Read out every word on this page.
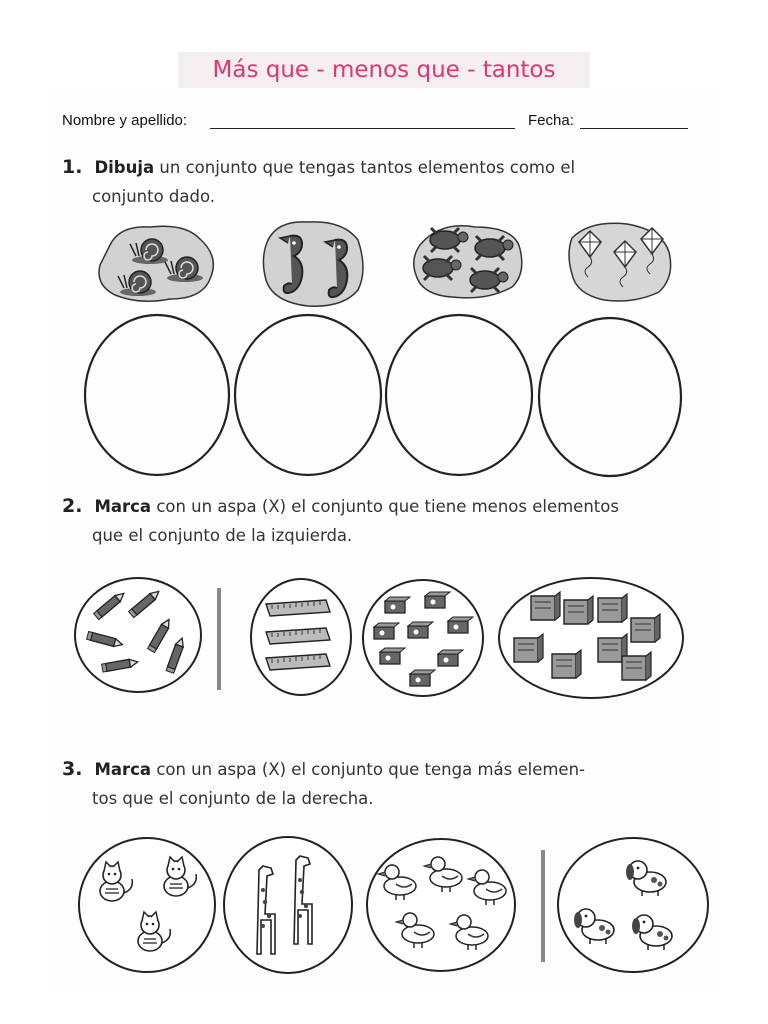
Más que - menos que - tantos
Nombre y apellido:	Fecha:
1. Dibuja un conjunto que tengas tantos elementos como el
conjunto dado.
2. Marca con un aspa (X) el conjunto que tiene menos elementos
que el conjunto de la izquierda.
3. Marca con un aspa (X) el conjunto que tenga más elemen-
tos que el conjunto de la derecha.
